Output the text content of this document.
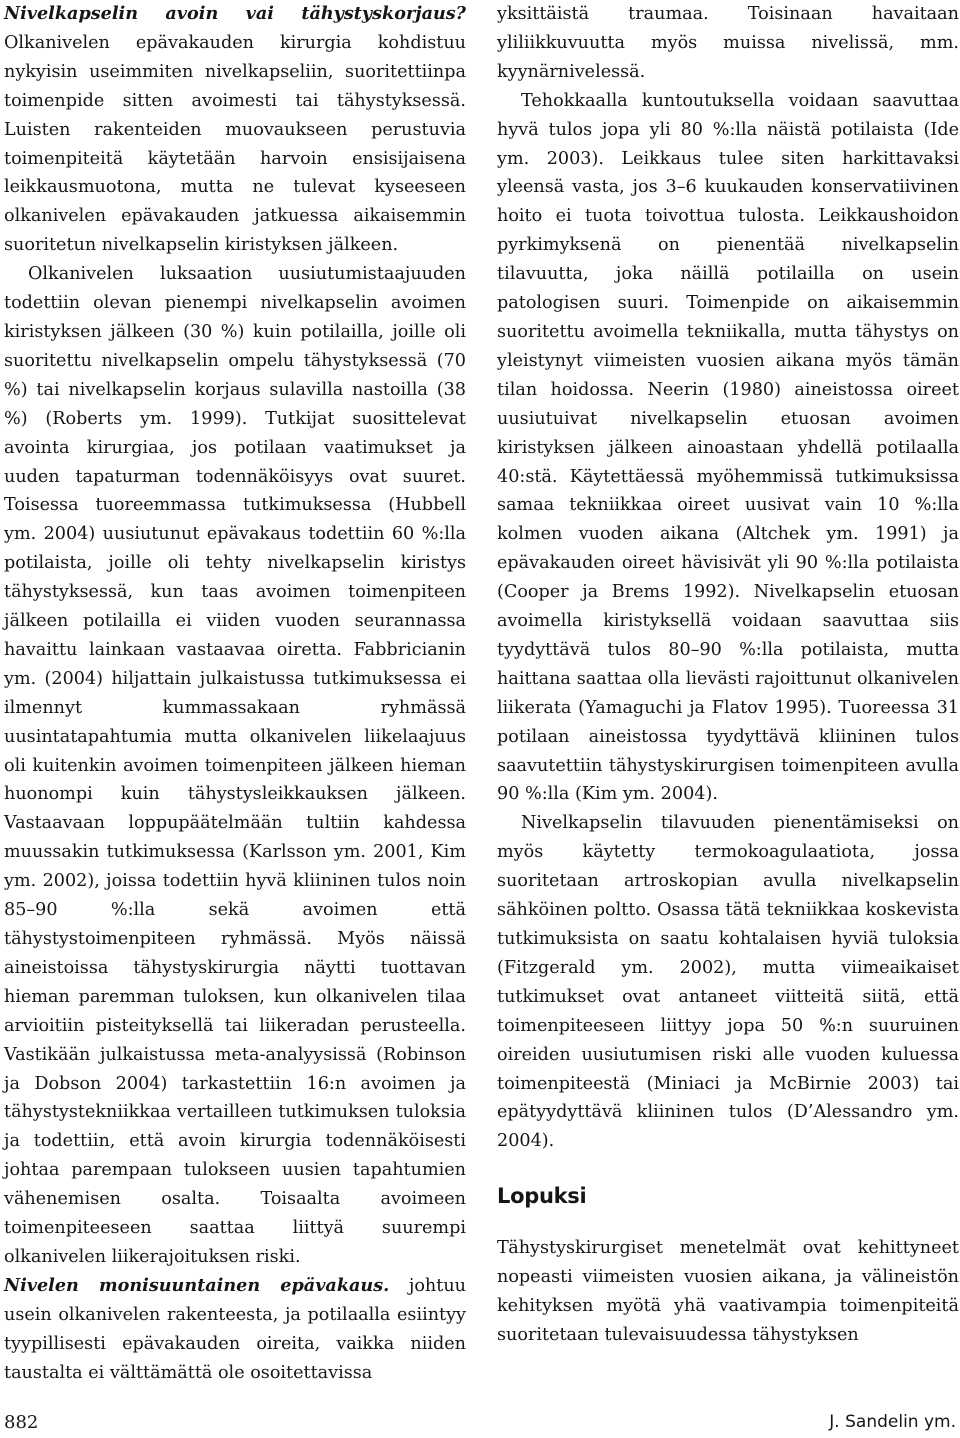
Nivelkapselin avoin vai tähystyskorjaus? Olkanivelen epävakauden kirurgia kohdistuu nykyisin useimmiten nivelkapseliin, suoritettiinpa toimenpide sitten avoimesti tai tähystyksessä. Luisten rakenteiden muovaukseen perustuvia toimenpiteitä käytetään harvoin ensisijaisena leikkausmuotona, mutta ne tulevat kyseeseen olkanivelen epävakauden jatkuessa aikaisemmin suoritetun nivelkapselin kiristyksen jälkeen.

Olkanivelen luksaation uusiutumistaajuuden todettiin olevan pienempi nivelkapselin avoimen kiristyksen jälkeen (30 %) kuin potilailla, joille oli suoritettu nivelkapselin ompelu tähystyksessä (70 %) tai nivelkapselin korjaus sulavilla nastoilla (38 %) (Roberts ym. 1999). Tutkijat suosittelevat avointa kirurgiaa, jos potilaan vaatimukset ja uuden tapaturman todennäköisyys ovat suuret. Toisessa tuoreemmassa tutkimuksessa (Hubbell ym. 2004) uusiutunut epävakaus todettiin 60 %:lla potilaista, joille oli tehty nivelkapselin kiristys tähystyksessä, kun taas avoimen toimenpiteen jälkeen potilailla ei viiden vuoden seurannassa havaittu lainkaan vastaavaa oiretta. Fabbricianin ym. (2004) hiljattain julkaistussa tutkimuksessa ei ilmennyt kummassakaan ryhmässä uusintatapahtumia mutta olkanivelen liikelaajuus oli kuitenkin avoimen toimenpiteen jälkeen hieman huonompi kuin tähystysleikkauksen jälkeen. Vastaavaan loppupäätelmään tultiin kahdessa muussakin tutkimuksessa (Karlsson ym. 2001, Kim ym. 2002), joissa todettiin hyvä kliininen tulos noin 85–90 %:lla sekä avoimen että tähystystoimenpiteen ryhmässä. Myös näissä aineistoissa tähystyskirurgia näytti tuottavan hieman paremman tuloksen, kun olkanivelen tilaa arvioitiin pisteityksellä tai liikeradan perusteella. Vastikään julkaistussa meta-analyysissä (Robinson ja Dobson 2004) tarkastettiin 16:n avoimen ja tähystystekniikkaa vertailleen tutkimuksen tuloksia ja todettiin, että avoin kirurgia todennäköisesti johtaa parempaan tulokseen uusien tapahtumien vähenemisen osalta. Toisaalta avoimeen toimenpiteeseen saattaa liittyä suurempi olkanivelen liikerajoituksen riski.

Nivelen monisuuntainen epävakaus. johtuu usein olkanivelen rakenteesta, ja potilaalla esiintyy tyypillisesti epävakauden oireita, vaikka niiden taustalta ei välttämättä ole osoitettavissa

yksittäistä traumaa. Toisinaan havaitaan yliliikkuvuutta myös muissa nivelissä, mm. kyynärnivelessä.

Tehokkaalla kuntoutuksella voidaan saavuttaa hyvä tulos jopa yli 80 %:lla näistä potilaista (Ide ym. 2003). Leikkaus tulee siten harkittavaksi yleensä vasta, jos 3–6 kuukauden konservatiivinen hoito ei tuota toivottua tulosta. Leikkaushoidon pyrkimyksenä on pienentää nivelkapselin tilavuutta, joka näillä potilailla on usein patologisen suuri. Toimenpide on aikaisemmin suoritettu avoimella tekniikalla, mutta tähystys on yleistynyt viimeisten vuosien aikana myös tämän tilan hoidossa. Neerin (1980) aineistossa oireet uusiutuivat nivelkapselin etuosan avoimen kiristyksen jälkeen ainoastaan yhdellä potilaalla 40:stä. Käytettäessä myöhemmissä tutkimuksissa samaa tekniikkaa oireet uusivat vain 10 %:lla kolmen vuoden aikana (Altchek ym. 1991) ja epävakauden oireet hävisivät yli 90 %:lla potilaista (Cooper ja Brems 1992). Nivelkapselin etuosan avoimella kiristyksellä voidaan saavuttaa siis tyydyttävä tulos 80–90 %:lla potilaista, mutta haittana saattaa olla lievästi rajoittunut olkanivelen liikerata (Yamaguchi ja Flatov 1995). Tuoreessa 31 potilaan aineistossa tyydyttävä kliininen tulos saavutettiin tähystyskirurgisen toimenpiteen avulla 90 %:lla (Kim ym. 2004).

Nivelkapselin tilavuuden pienentämiseksi on myös käytetty termokoagulaatiota, jossa suoritetaan artroskopian avulla nivelkapselin sähköinen poltto. Osassa tätä tekniikkaa koskevista tutkimuksista on saatu kohtalaisen hyviä tuloksia (Fitzgerald ym. 2002), mutta viimeaikaiset tutkimukset ovat antaneet viitteitä siitä, että toimenpiteeseen liittyy jopa 50 %:n suuruinen oireiden uusiutumisen riski alle vuoden kuluessa toimenpiteestä (Miniaci ja McBirnie 2003) tai epätyydyttävä kliininen tulos (D’Alessandro ym. 2004).

Lopuksi

Tähystyskirurgiset menetelmät ovat kehittyneet nopeasti viimeisten vuosien aikana, ja välineistön kehityksen myötä yhä vaativampia toimenpiteitä suoritetaan tulevaisuudessa tähystyksen

882	J. Sandelin ym.
